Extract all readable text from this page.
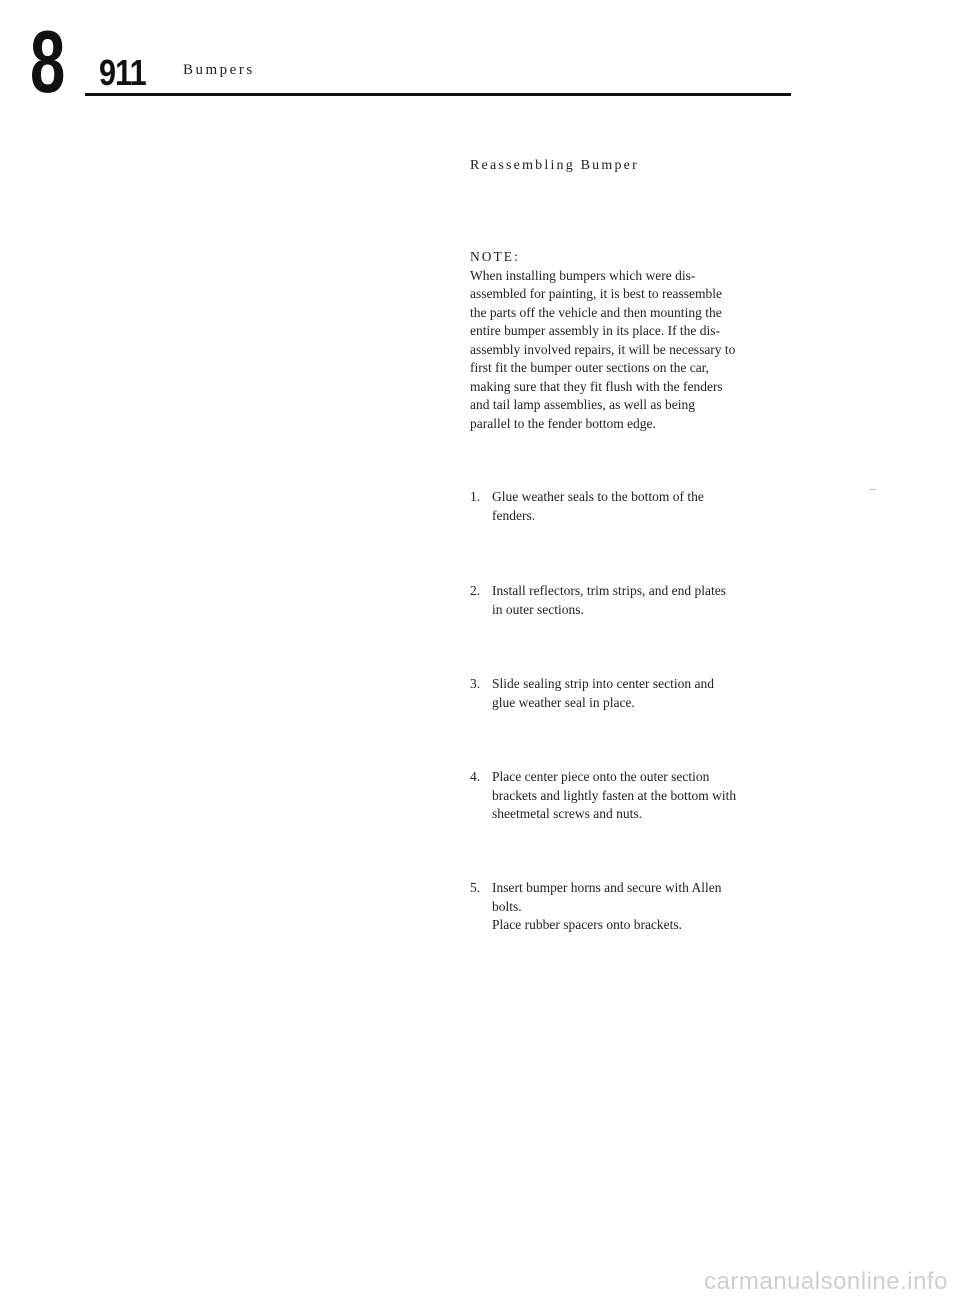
8 911 Bumpers
Reassembling Bumper
NOTE:
When installing bumpers which were dis-
assembled for painting, it is best to reassemble
the parts off the vehicle and then mounting the
entire bumper assembly in its place. If the dis-
assembly involved repairs, it will be necessary to
first fit the bumper outer sections on the car,
making sure that they fit flush with the fenders
and tail lamp assemblies, as well as being
parallel to the fender bottom edge.
1. Glue weather seals to the bottom of the
fenders.
2. Install reflectors, trim strips, and end plates
in outer sections.
3. Slide sealing strip into center section and
glue weather seal in place.
4. Place center piece onto the outer section
brackets and lightly fasten at the bottom with
sheetmetal screws and nuts.
5. Insert bumper horns and secure with Allen
bolts.
Place rubber spacers onto brackets.
carmanualsonline.info
